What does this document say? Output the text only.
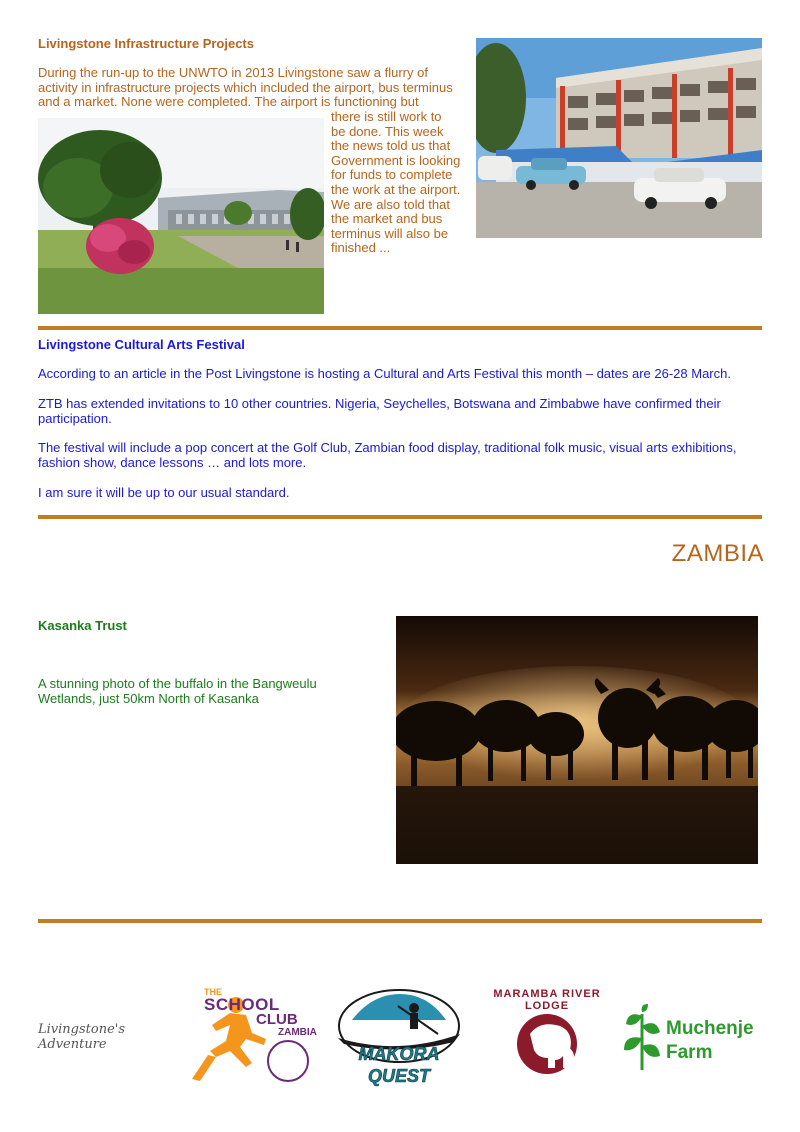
Livingstone Infrastructure Projects
During the run-up to the UNWTO in 2013 Livingstone saw a flurry of
activity in infrastructure projects which included the airport, bus terminus
and a market. None were completed. The airport is functioning but
there is still work to
be done. This week
the news told us that
Government is looking
for funds to complete
the work at the airport.
We are also told that
the market and bus
terminus will also be
finished ...
Livingstone Cultural Arts Festival
According to an article in the Post Livingstone is hosting a Cultural and Arts Festival this month – dates are 26-28 March.
ZTB has extended invitations to 10 other countries. Nigeria, Seychelles, Botswana and Zimbabwe have confirmed their participation.
The festival will include a pop concert at the Golf Club, Zambian food display, traditional folk music, visual arts exhibitions, fashion show, dance lessons … and lots more.
I am sure it will be up to our usual standard.
ZAMBIA
Kasanka Trust
A stunning photo of the buffalo in the Bangweulu
Wetlands, just 50km North of Kasanka
Livingstone's Adventure
THE
SCHOOL
CLUB
ZAMBIA
MAKORA
QUEST
MARAMBA RIVER LODGE
Muchenje
Farm
